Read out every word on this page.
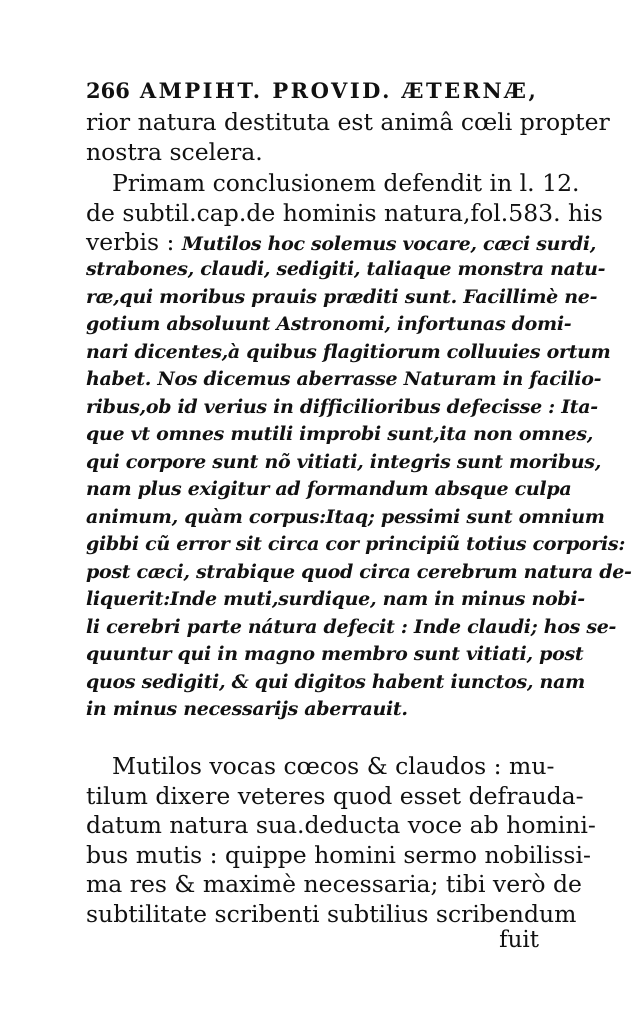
266 AMPIHT. PROVID. ÆTERNÆ,
rior natura destituta est animâ cœli propter
nostra scelera.
Primam conclusionem defendit in l. 12.
de subtil.cap.de hominis natura,fol.583. his
verbis : Mutilos hoc solemus vocare, cæci surdi,
strabones, claudi, sedigiti, taliaque monstra natu-
ræ,qui moribus prauis præditi sunt. Facillimè ne-
gotium absoluunt Astronomi, infortunas domi-
nari dicentes,à quibus flagitiorum colluuies ortum
habet. Nos dicemus aberrasse Naturam in facilio-
ribus,ob id verius in difficilioribus defecisse : Ita-
que vt omnes mutili improbi sunt,ita non omnes,
qui corpore sunt nõ vitiati, integris sunt moribus,
nam plus exigitur ad formandum absque culpa
animum, quàm corpus:Itaq; pessimi sunt omnium
gibbi cũ error sit circa cor principiũ totius corporis:
post cæci, strabique quod circa cerebrum natura de-
liquerit:Inde muti,surdique, nam in minus nobi-
li cerebri parte nátura defecit : Inde claudi; hos se-
quuntur qui in magno membro sunt vitiati, post
quos sedigiti, & qui digitos habent iunctos, nam
in minus necessarijs aberrauit.
Mutilos vocas cœcos & claudos : mu-
tilum dixere veteres quod esset defrauda-
datum natura sua.deducta voce ab homini-
bus mutis : quippe homini sermo nobilissi-
ma res & maximè necessaria; tibi verò de
subtilitate scribenti subtilius scribendum
fuit
